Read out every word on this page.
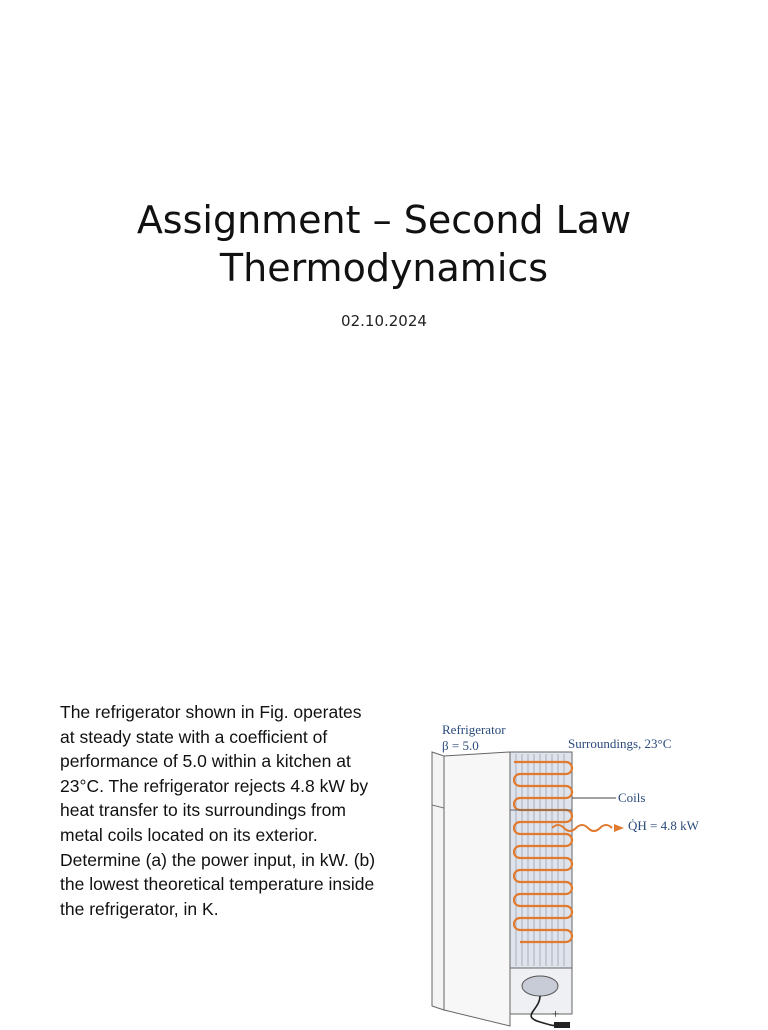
Assignment – Second Law
Thermodynamics
02.10.2024

The refrigerator shown in Fig. operates at steady state with a coefficient of performance of 5.0 within a kitchen at 23°C. The refrigerator rejects 4.8 kW by heat transfer to its surroundings from metal coils located on its exterior. Determine (a) the power input, in kW. (b) the lowest theoretical temperature inside the refrigerator, in K.

Refrigerator
β = 5.0	Surroundings, 23°C
Coils
Q̇H = 4.8 kW
+
